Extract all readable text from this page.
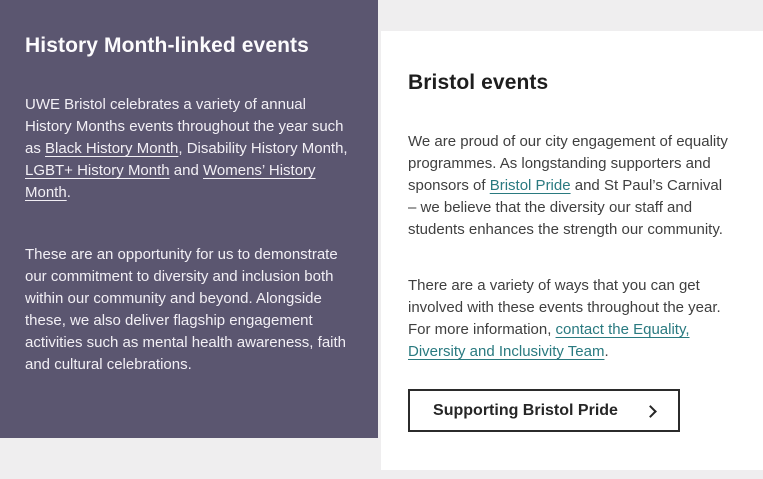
History Month-linked events

UWE Bristol celebrates a variety of annual History Months events throughout the year such as Black History Month, Disability History Month, LGBT+ History Month and Womens’ History Month.

These are an opportunity for us to demonstrate our commitment to diversity and inclusion both within our community and beyond. Alongside these, we also deliver flagship engagement activities such as mental health awareness, faith and cultural celebrations.

Bristol events

We are proud of our city engagement of equality programmes. As longstanding supporters and sponsors of Bristol Pride and St Paul’s Carnival – we believe that the diversity our staff and students enhances the strength our community.

There are a variety of ways that you can get involved with these events throughout the year. For more information, contact the Equality, Diversity and Inclusivity Team.

Supporting Bristol Pride
